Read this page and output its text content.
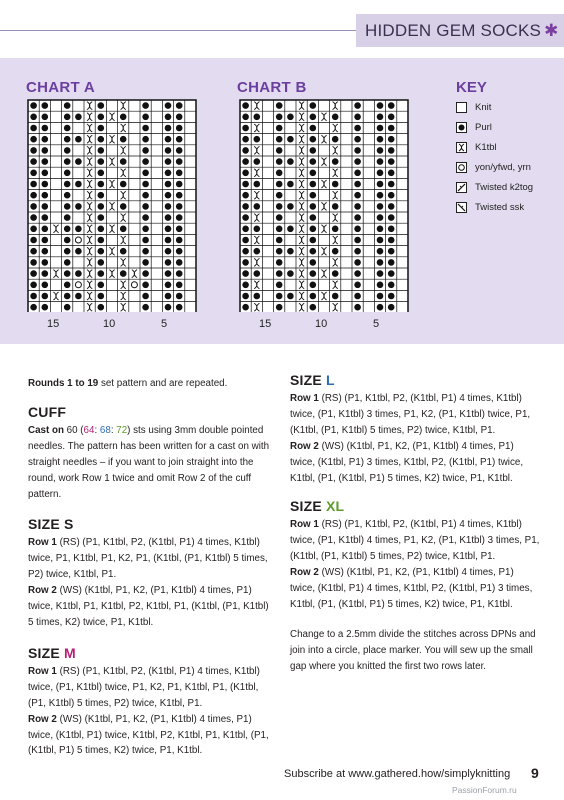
HIDDEN GEM SOCKS ✱
CHART A	CHART B
15	10	5	15	10	5
KEY
Knit
Purl
K1tbl
yon/yfwd, yrn
Twisted k2tog
Twisted ssk

Rounds 1 to 19 set pattern and are repeated.

CUFF

Cast on 60 (64: 68: 72) sts using 3mm double pointed needles. The pattern has been written for a cast on with straight needles – if you want to join straight into the round, work Row 1 twice and omit Row 2 of the cuff pattern.

SIZE S

Row 1 (RS) (P1, K1tbl, P2, (K1tbl, P1) 4 times, K1tbl) twice, P1, K1tbl, P1, K2, P1, (K1tbl, (P1, K1tbl) 5 times, P2) twice, K1tbl, P1.

Row 2 (WS) (K1tbl, P1, K2, (P1, K1tbl) 4 times, P1) twice, K1tbl, P1, K1tbl, P2, K1tbl, P1, (K1tbl, (P1, K1tbl) 5 times, K2) twice, P1, K1tbl.

SIZE M

Row 1 (RS) (P1, K1tbl, P2, (K1tbl, P1) 4 times, K1tbl) twice, (P1, K1tbl) twice, P1, K2, P1, K1tbl, P1, (K1tbl, (P1, K1tbl) 5 times, P2) twice, K1tbl, P1.

Row 2 (WS) (K1tbl, P1, K2, (P1, K1tbl) 4 times, P1) twice, (K1tbl, P1) twice, K1tbl, P2, K1tbl, P1, K1tbl, (P1, (K1tbl, P1) 5 times, K2) twice, P1, K1tbl.

SIZE L

Row 1 (RS) (P1, K1tbl, P2, (K1tbl, P1) 4 times, K1tbl) twice, (P1, K1tbl) 3 times, P1, K2, (P1, K1tbl) twice, P1, (K1tbl, (P1, K1tbl) 5 times, P2) twice, K1tbl, P1.

Row 2 (WS) (K1tbl, P1, K2, (P1, K1tbl) 4 times, P1) twice, (K1tbl, P1) 3 times, K1tbl, P2, (K1tbl, P1) twice, K1tbl, (P1, (K1tbl, P1) 5 times, K2) twice, P1, K1tbl.

SIZE XL

Row 1 (RS) (P1, K1tbl, P2, (K1tbl, P1) 4 times, K1tbl) twice, (P1, K1tbl) 4 times, P1, K2, (P1, K1tbl) 3 times, P1, (K1tbl, (P1, K1tbl) 5 times, P2) twice, K1tbl, P1.

Row 2 (WS) (K1tbl, P1, K2, (P1, K1tbl) 4 times, P1) twice, (K1tbl, P1) 4 times, K1tbl, P2, (K1tbl, P1) 3 times, K1tbl, (P1, (K1tbl, P1) 5 times, K2) twice, P1, K1tbl.

Change to a 2.5mm divide the stitches across DPNs and join into a circle, place marker. You will sew up the small gap where you knitted the first two rows later.

Subscribe at www.gathered.how/simplyknitting 9
PassionForum.ru
